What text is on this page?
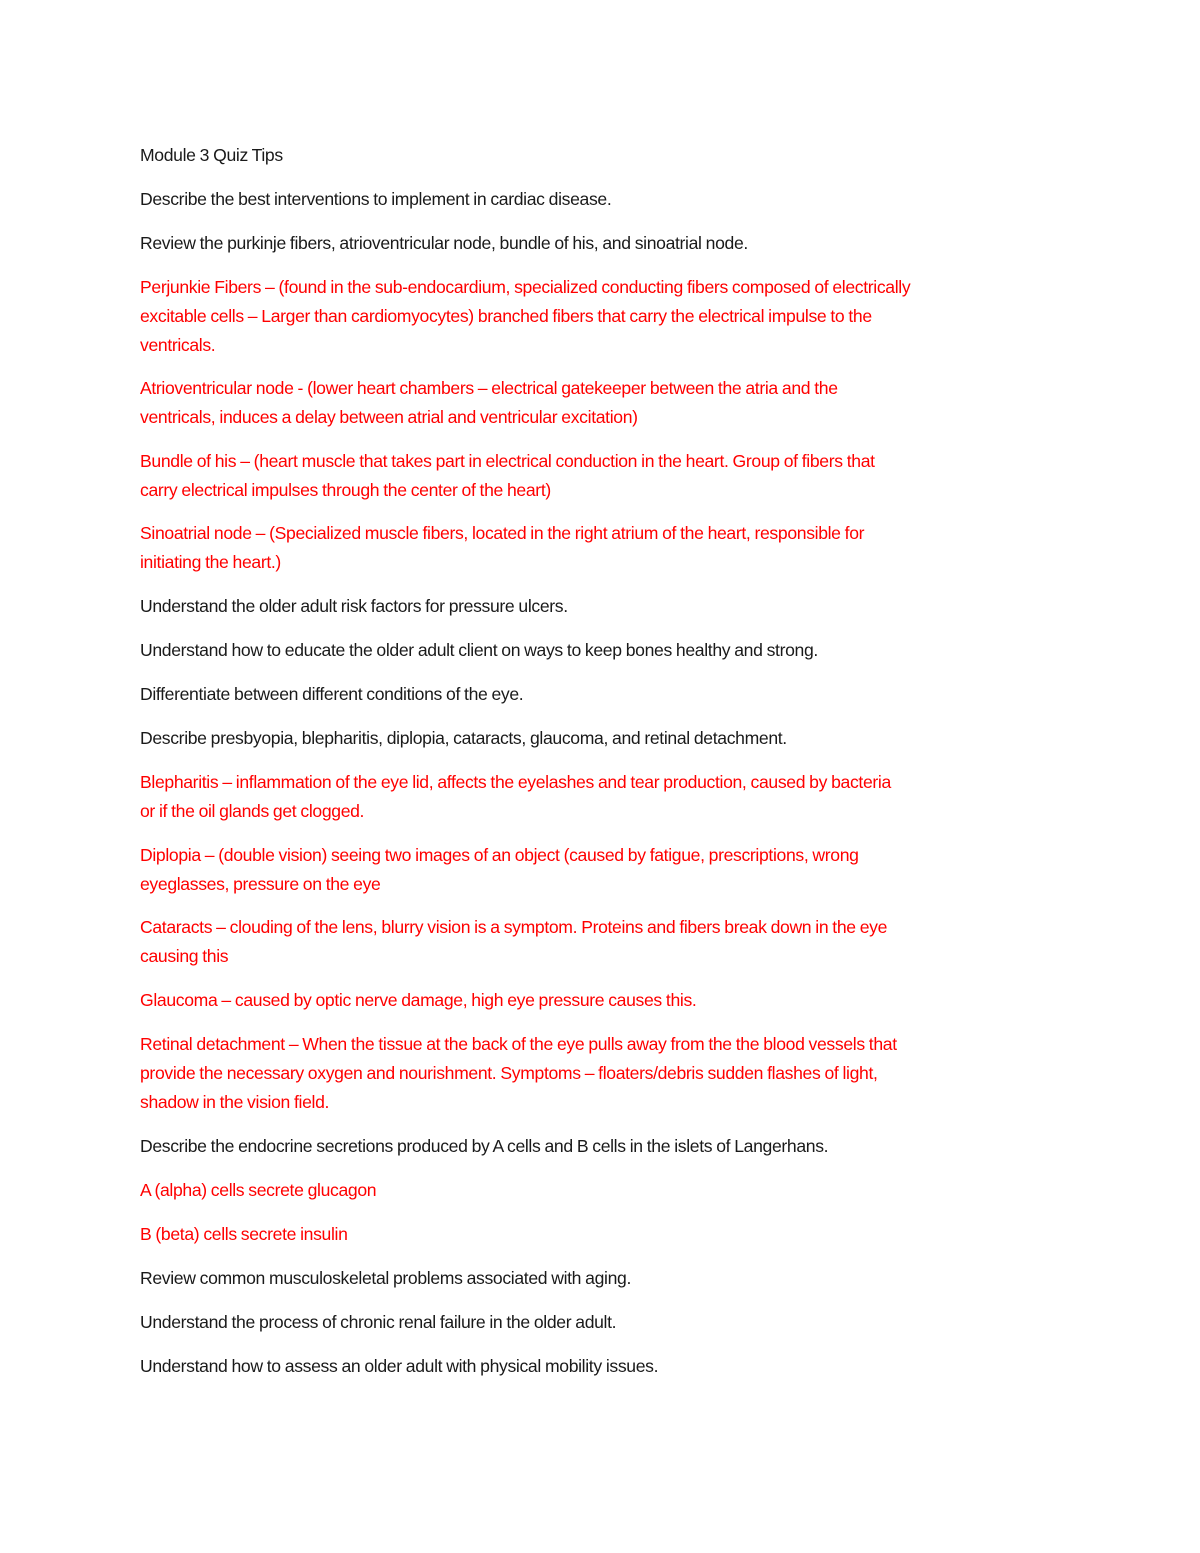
Module 3 Quiz Tips
Describe the best interventions to implement in cardiac disease.
Review the purkinje fibers, atrioventricular node, bundle of his, and sinoatrial node.
Perjunkie Fibers – (found in the sub-endocardium, specialized conducting fibers composed of electrically
excitable cells – Larger than cardiomyocytes) branched fibers that carry the electrical impulse to the
ventricals.
Atrioventricular node - (lower heart chambers – electrical gatekeeper between the atria and the
ventricals, induces a delay between atrial and ventricular excitation)
Bundle of his – (heart muscle that takes part in electrical conduction in the heart. Group of fibers that
carry electrical impulses through the center of the heart)
Sinoatrial node – (Specialized muscle fibers, located in the right atrium of the heart, responsible for
initiating the heart.)
Understand the older adult risk factors for pressure ulcers.
Understand how to educate the older adult client on ways to keep bones healthy and strong.
Differentiate between different conditions of the eye.
Describe presbyopia, blepharitis, diplopia, cataracts, glaucoma, and retinal detachment.
Blepharitis – inflammation of the eye lid, affects the eyelashes and tear production, caused by bacteria
or if the oil glands get clogged.
Diplopia – (double vision) seeing two images of an object (caused by fatigue, prescriptions, wrong
eyeglasses, pressure on the eye
Cataracts – clouding of the lens, blurry vision is a symptom. Proteins and fibers break down in the eye
causing this
Glaucoma – caused by optic nerve damage, high eye pressure causes this.
Retinal detachment – When the tissue at the back of the eye pulls away from the the blood vessels that
provide the necessary oxygen and nourishment. Symptoms – floaters/debris sudden flashes of light,
shadow in the vision field.
Describe the endocrine secretions produced by A cells and B cells in the islets of Langerhans.
A (alpha) cells secrete glucagon
B (beta) cells secrete insulin
Review common musculoskeletal problems associated with aging.
Understand the process of chronic renal failure in the older adult.
Understand how to assess an older adult with physical mobility issues.
